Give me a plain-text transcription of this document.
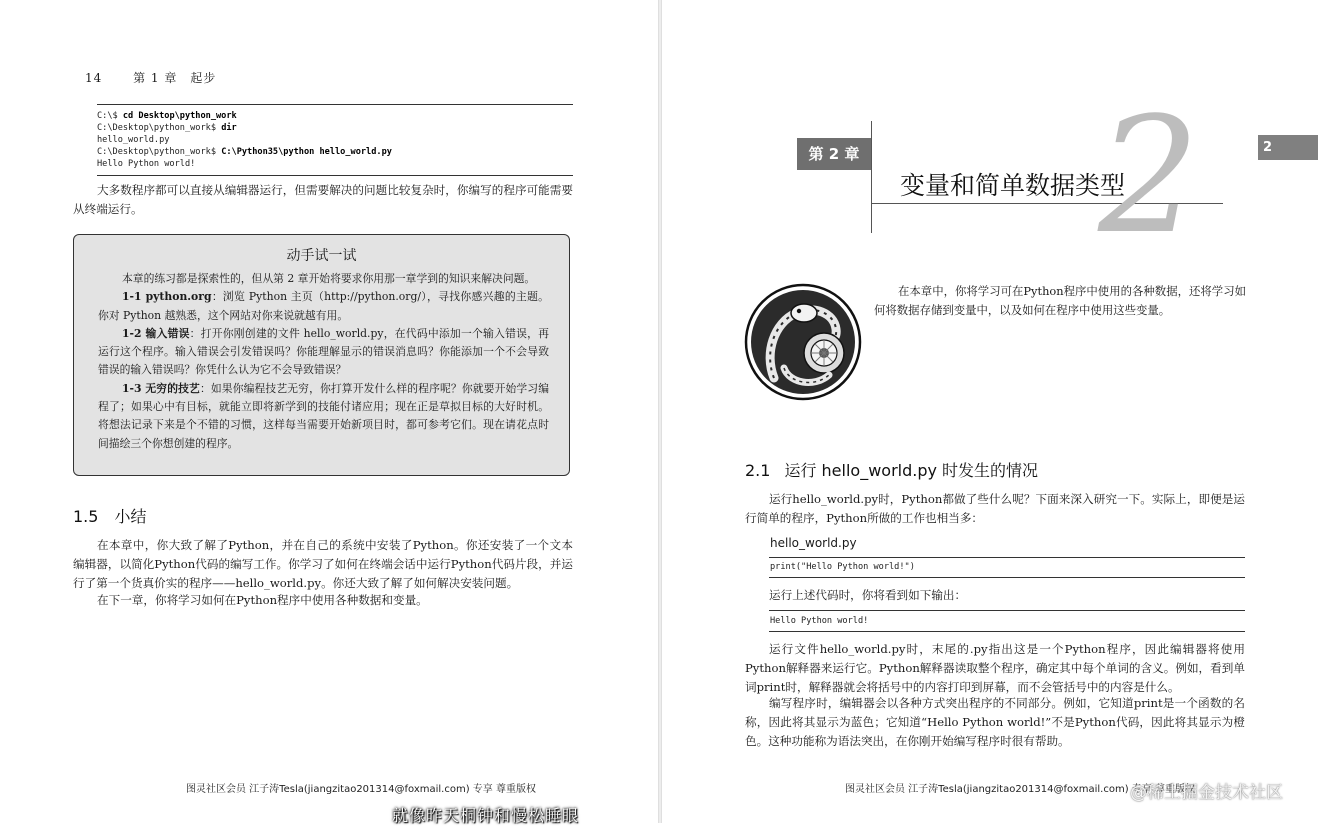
14	第 1 章　起步
C:\$ cd Desktop\python_work
C:\Desktop\python_work$ dir
hello_world.py
C:\Desktop\python_work$ C:\Python35\python hello_world.py
Hello Python world!
大多数程序都可以直接从编辑器运行，但需要解决的问题比较复杂时，你编写的程序可能需要从终端运行。
动手试一试

本章的练习都是探索性的，但从第 2 章开始将要求你用那一章学到的知识来解决问题。

1-1 python.org：浏览 Python 主页（http://python.org/），寻找你感兴趣的主题。你对 Python 越熟悉，这个网站对你来说就越有用。

1-2 输入错误：打开你刚创建的文件 hello_world.py，在代码中添加一个输入错误，再运行这个程序。输入错误会引发错误吗？你能理解显示的错误消息吗？你能添加一个不会导致错误的输入错误吗？你凭什么认为它不会导致错误？

1-3 无穷的技艺：如果你编程技艺无穷，你打算开发什么样的程序呢？你就要开始学习编程了；如果心中有目标，就能立即将新学到的技能付诸应用；现在正是草拟目标的大好时机。将想法记录下来是个不错的习惯，这样每当需要开始新项目时，都可参考它们。现在请花点时间描绘三个你想创建的程序。

1.5 小结
在本章中，你大致了解了Python，并在自己的系统中安装了Python。你还安装了一个文本编辑器，以简化Python代码的编写工作。你学习了如何在终端会话中运行Python代码片段，并运行了第一个货真价实的程序——hello_world.py。你还大致了解了如何解决安装问题。
在下一章，你将学习如何在Python程序中使用各种数据和变量。
图灵社区会员 江子涛Tesla(jiangzitao201314@foxmail.com) 专享 尊重版权
2
2
第 2 章
变量和简单数据类型
在本章中，你将学习可在Python程序中使用的各种数据，还将学习如何将数据存储到变量中，以及如何在程序中使用这些变量。
2.1 运行 hello_world.py 时发生的情况
运行hello_world.py时，Python都做了些什么呢？下面来深入研究一下。实际上，即便是运行简单的程序，Python所做的工作也相当多：
hello_world.py
print("Hello Python world!")
运行上述代码时，你将看到如下输出：
Hello Python world!
运行文件hello_world.py时，末尾的.py指出这是一个Python程序，因此编辑器将使用Python解释器来运行它。Python解释器读取整个程序，确定其中每个单词的含义。例如，看到单词print时，解释器就会将括号中的内容打印到屏幕，而不会管括号中的内容是什么。
编写程序时，编辑器会以各种方式突出程序的不同部分。例如，它知道print是一个函数的名称，因此将其显示为蓝色；它知道“Hello Python world!”不是Python代码，因此将其显示为橙色。这种功能称为语法突出，在你刚开始编写程序时很有帮助。
图灵社区会员 江子涛Tesla(jiangzitao201314@foxmail.com) 专享 尊重版权
就像昨天桐钟和慢松睡眼
@稀土掘金技术社区
